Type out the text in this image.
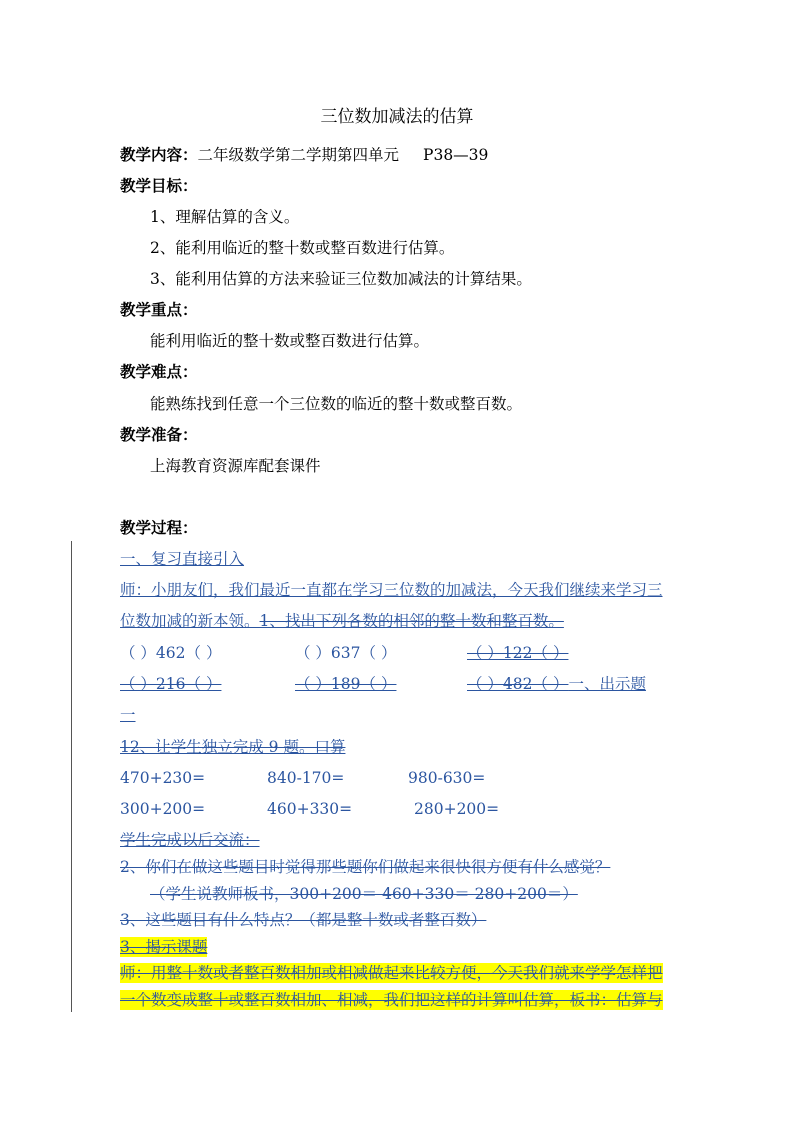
三位数加减法的估算
教学内容：二年级数学第二学期第四单元 P38—39
教学目标：
1、理解估算的含义。
2、能利用临近的整十数或整百数进行估算。
3、能利用估算的方法来验证三位数加减法的计算结果。
教学重点：
能利用临近的整十数或整百数进行估算。
教学难点：
能熟练找到任意一个三位数的临近的整十数或整百数。
教学准备：
上海教育资源库配套课件
教学过程：
一、复习直接引入
师：小朋友们，我们最近一直都在学习三位数的加减法，今天我们继续来学习三
位数加减的新本领。1、找出下列各数的相邻的整十数和整百数。
（ ）462（ ）	（ ）637（ ）	（ ）122（ ）
（ ）216（ ）	（ ）189（ ）	（ ）482（ ）一、出示题
一
12、让学生独立完成 9 题。口算
470+230=	840-170=	980-630=
300+200=	460+330=	280+200=
学生完成以后交流：
2、你们在做这些题目时觉得那些题你们做起来很快很方便有什么感觉？
（学生说教师板书，300+200＝ 460+330＝ 280+200＝）
3、这些题目有什么特点？（都是整十数或者整百数）
3、揭示课题
师：用整十数或者整百数相加或相减做起来比较方便，今天我们就来学学怎样把
一个数变成整十或整百数相加、相减，我们把这样的计算叫估算，板书：估算与
